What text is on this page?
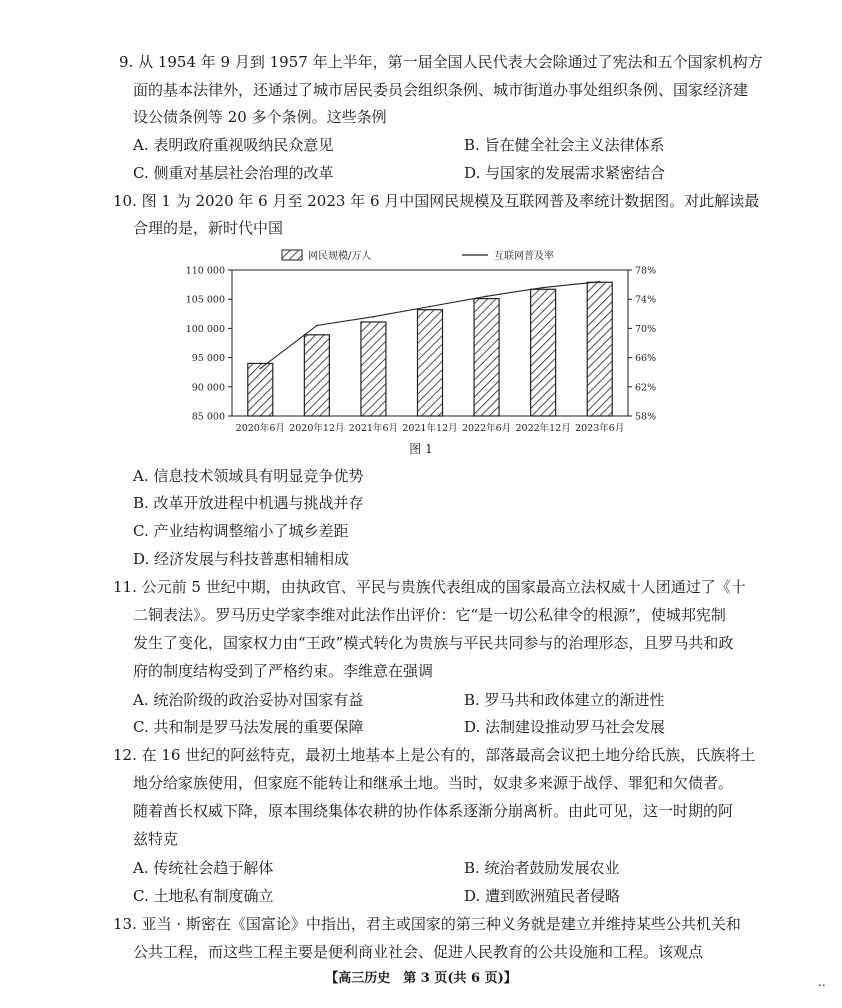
9. 从 1954 年 9 月到 1957 年上半年，第一届全国人民代表大会除通过了宪法和五个国家机构方
面的基本法律外，还通过了城市居民委员会组织条例、城市街道办事处组织条例、国家经济建
设公债条例等 20 多个条例。这些条例
A. 表明政府重视吸纳民众意见	B. 旨在健全社会主义法律体系
C. 侧重对基层社会治理的改革	D. 与国家的发展需求紧密结合
10. 图 1 为 2020 年 6 月至 2023 年 6 月中国网民规模及互联网普及率统计数据图。对此解读最
合理的是，新时代中国
85 000
90 000
95 000
100 000
105 000
110 000
58%
62%
66%
70%
74%
78%
2020年6月 2020年12月 2021年6月 2021年12月 2022年6月 2022年12月 2023年6月
网民规模/万人	互联网普及率
图 1
A. 信息技术领域具有明显竞争优势
B. 改革开放进程中机遇与挑战并存
C. 产业结构调整缩小了城乡差距
D. 经济发展与科技普惠相辅相成
11. 公元前 5 世纪中期，由执政官、平民与贵族代表组成的国家最高立法权威十人团通过了《十
二铜表法》。罗马历史学家李维对此法作出评价：它“是一切公私律令的根源”，使城邦宪制
发生了变化，国家权力由“王政”模式转化为贵族与平民共同参与的治理形态，且罗马共和政
府的制度结构受到了严格约束。李维意在强调
A. 统治阶级的政治妥协对国家有益	B. 罗马共和政体建立的渐进性
C. 共和制是罗马法发展的重要保障	D. 法制建设推动罗马社会发展
12. 在 16 世纪的阿兹特克，最初土地基本上是公有的，部落最高会议把土地分给氏族，氏族将土
地分给家族使用，但家庭不能转让和继承土地。当时，奴隶多来源于战俘、罪犯和欠债者。
随着酋长权威下降，原本围绕集体农耕的协作体系逐渐分崩离析。由此可见，这一时期的阿
兹特克
A. 传统社会趋于解体	B. 统治者鼓励发展农业
C. 土地私有制度确立	D. 遭到欧洲殖民者侵略
13. 亚当 · 斯密在《国富论》中指出，君主或国家的第三种义务就是建立并维持某些公共机关和
公共工程，而这些工程主要是便利商业社会、促进人民教育的公共设施和工程。该观点
【高三历史　第 3 页(共 6 页)】	..
